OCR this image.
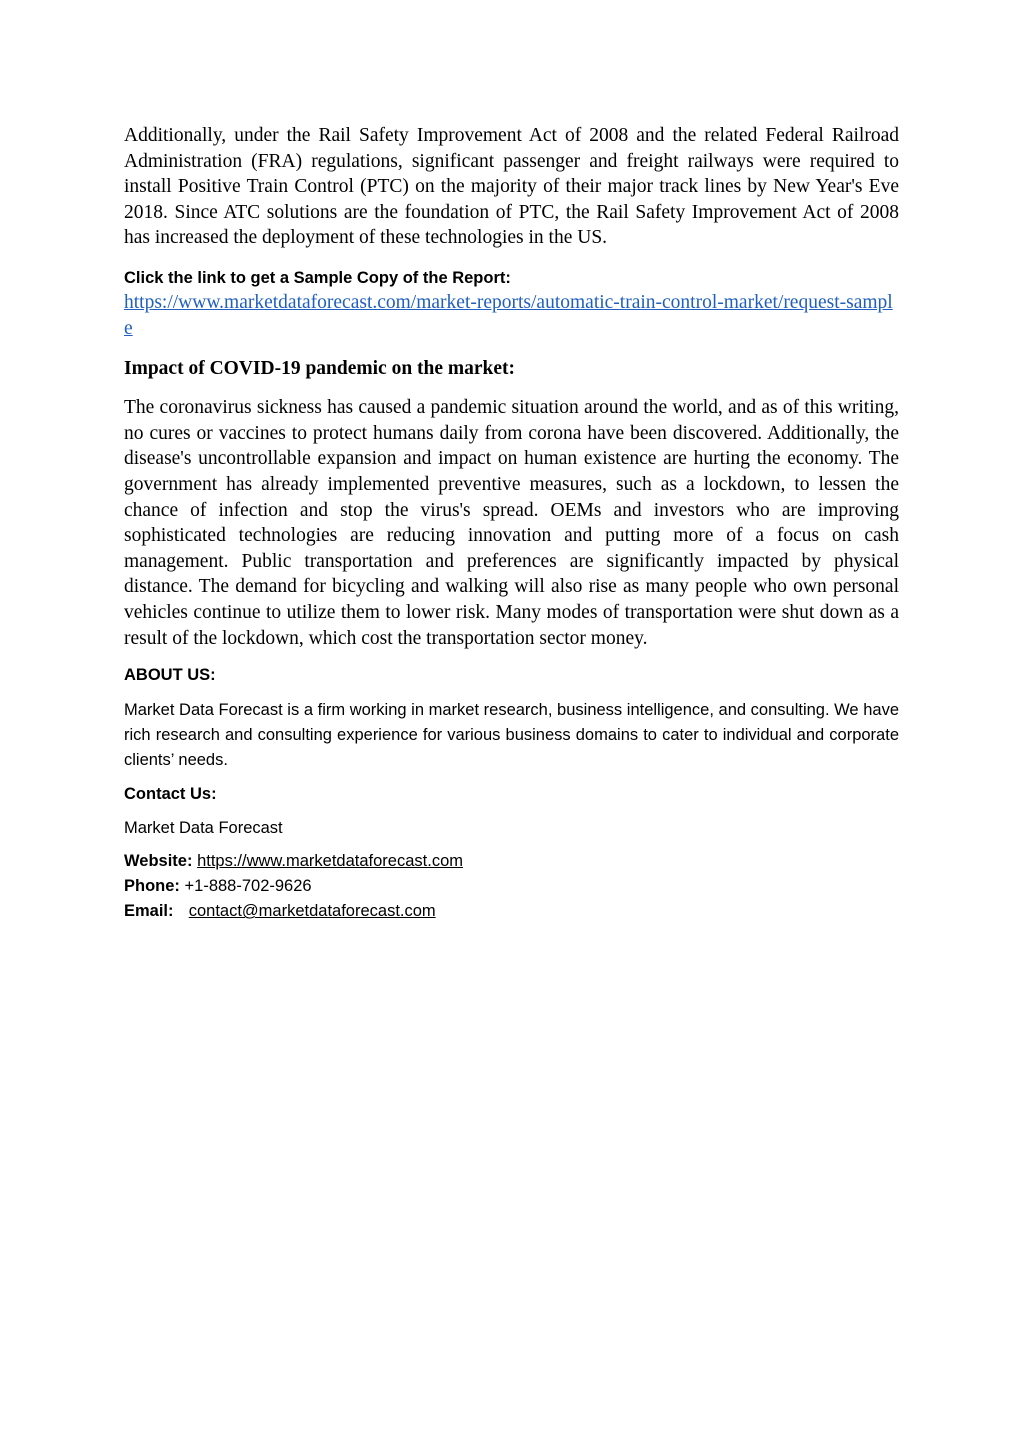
Additionally, under the Rail Safety Improvement Act of 2008 and the related Federal Railroad Administration (FRA) regulations, significant passenger and freight railways were required to install Positive Train Control (PTC) on the majority of their major track lines by New Year's Eve 2018. Since ATC solutions are the foundation of PTC, the Rail Safety Improvement Act of 2008 has increased the deployment of these technologies in the US.

Click the link to get a Sample Copy of the Report:

https://www.marketdataforecast.com/market-reports/automatic-train-control-market/request-sample
Impact of COVID-19 pandemic on the market:

The coronavirus sickness has caused a pandemic situation around the world, and as of this writing, no cures or vaccines to protect humans daily from corona have been discovered. Additionally, the disease's uncontrollable expansion and impact on human existence are hurting the economy. The government has already implemented preventive measures, such as a lockdown, to lessen the chance of infection and stop the virus's spread. OEMs and investors who are improving sophisticated technologies are reducing innovation and putting more of a focus on cash management. Public transportation and preferences are significantly impacted by physical distance. The demand for bicycling and walking will also rise as many people who own personal vehicles continue to utilize them to lower risk. Many modes of transportation were shut down as a result of the lockdown, which cost the transportation sector money.

ABOUT US:

Market Data Forecast is a firm working in market research, business intelligence, and consulting. We have rich research and consulting experience for various business domains to cater to individual and corporate clients’ needs.

Contact Us:

Market Data Forecast

Website: https://www.marketdataforecast.com
Phone: +1-888-702-9626
Email: contact@marketdataforecast.com
